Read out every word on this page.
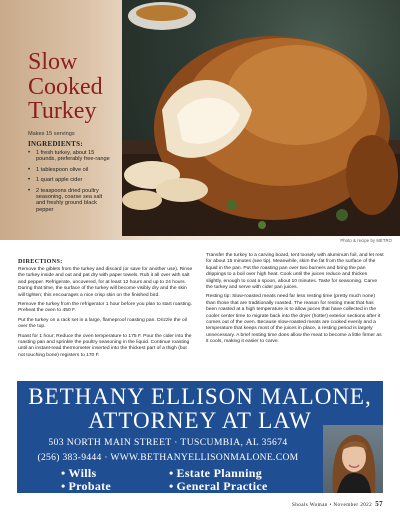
Photo & recipe by METRO
Slow
Cooked
Turkey
Makes 15 servings
INGREDIENTS:
• 1 fresh turkey, about 15 pounds, preferably free-range
• 1 tablespoon olive oil
• 1 quart apple cider
• 2 teaspoons dried poultry seasoning, coarse sea salt and freshly ground black pepper
DIRECTIONS:

Remove the giblets from the turkey and discard (or save for another use). Rinse the turkey inside and out and pat dry with paper towels. Rub it all over with salt and pepper. Refrigerate, uncovered, for at least 12 hours and up to 24 hours. During that time, the surface of the turkey will become visibly dry and the skin will tighten; this encourages a nice crisp skin on the finished bird.

Remove the turkey from the refrigerator 1 hour before you plan to start roasting. Preheat the oven to 450 F.

Put the turkey on a rack set in a large, flameproof roasting pan. Drizzle the oil over the top.

Roast for 1 hour; Reduce the oven temperature to 175 F. Pour the cider into the roasting pan and sprinkle the poultry seasoning in the liquid. Continue roasting until an instant-read thermometer inserted into the thickest part of a thigh (but not touching bone) registers to 170 F.

Transfer the turkey to a carving board, tent loosely with aluminum foil, and let rest for about 15 minutes (see tip). Meanwhile, skim the fat from the surface of the liquid in the pan. Put the roasting pan over two burners and bring the pan drippings to a boil over high heat. Cook until the juices reduce and thicken slightly, enough to coat a spoon, about 10 minutes. Taste for seasoning. Carve the turkey and serve with cider pan juices.

Resting tip: Slow-roasted meats need far less resting time (pretty much none) than those that are traditionally roasted. The reason for resting meat that has been roasted at a high temperature is to allow juices that have collected in the cooler center time to migrate back into the dryer (hotter) exterior sections after it comes out of the oven. Because slow-roasted meats are cooked evenly and a temperature that keeps most of the juices in place, a resting period is largely unnecessary. A brief resting time does allow the meat to become a little firmer as it cools, making it easier to carve.

BETHANY ELLISON MALONE,
ATTORNEY AT LAW
503 NORTH MAIN STREET · TUSCUMBIA, AL 35674
(256) 383-9444 · WWW.BETHANYELLISONMALONE.COM
• Wills
• Probate
• Estate Planning
• General Practice
Shoals Woman • November 2022 57
